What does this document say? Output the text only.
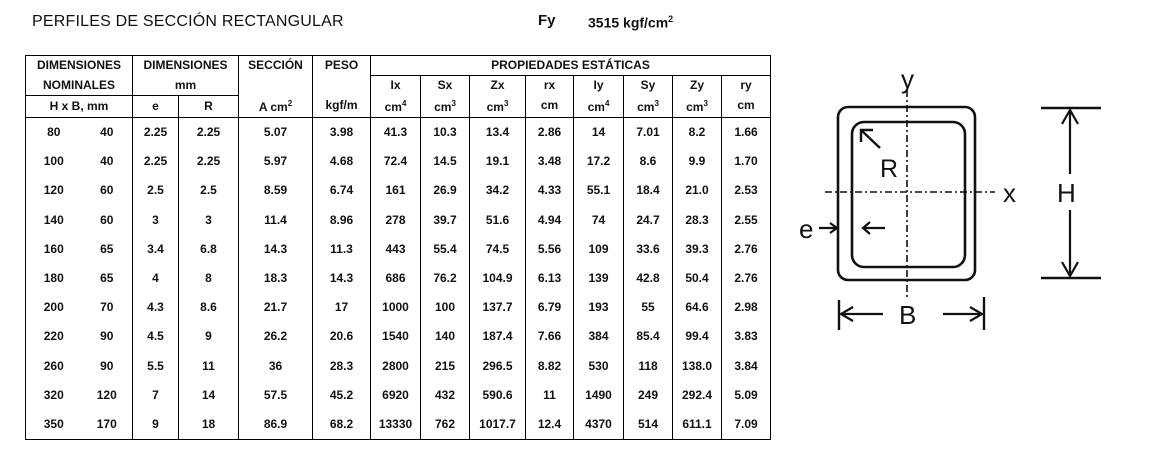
PERFILES DE SECCIÓN RECTANGULAR	Fy 3515 kgf/$cm^2$
DIMENSIONES		DIMENSIONES		SECCIÓN	PESO	PROPIEDADES ESTÁTICAS							
NOMINALES		mm				Ix	Sx	Zx	rx	Iy	Sy	Zy	ry
H x B, mm		e	R	A $cm^2$	kgf/m	$cm^4$	$cm^3$	$cm^3$	cm	$cm^4$	$cm^3$	$cm^3$	cm
80	40	2.25	2.25	5.07	3.98	41.3	10.3	13.4	2.86	14	7.01	8.2	1.66
100	40	2.25	2.25	5.97	4.68	72.4	14.5	19.1	3.48	17.2	8.6	9.9	1.70
120	60	2.5	2.5	8.59	6.74	161	26.9	34.2	4.33	55.1	18.4	21.0	2.53
140	60	3	3	11.4	8.96	278	39.7	51.6	4.94	74	24.7	28.3	2.55
160	65	3.4	6.8	14.3	11.3	443	55.4	74.5	5.56	109	33.6	39.3	2.76
180	65	4	8	18.3	14.3	686	76.2	104.9	6.13	139	42.8	50.4	2.76
200	70	4.3	8.6	21.7	17	1000	100	137.7	6.79	193	55	64.6	2.98
220	90	4.5	9	26.2	20.6	1540	140	187.4	7.66	384	85.4	99.4	3.83
260	90	5.5	11	36	28.3	2800	215	296.5	8.82	530	118	138.0	3.84
320	120	7	14	57.5	45.2	6920	432	590.6	11	1490	249	292.4	5.09
350	170	9	18	86.9	68.2	13330	762	1017.7	12.4	4370	514	611.1	7.09
y
x
R
e
H
B
